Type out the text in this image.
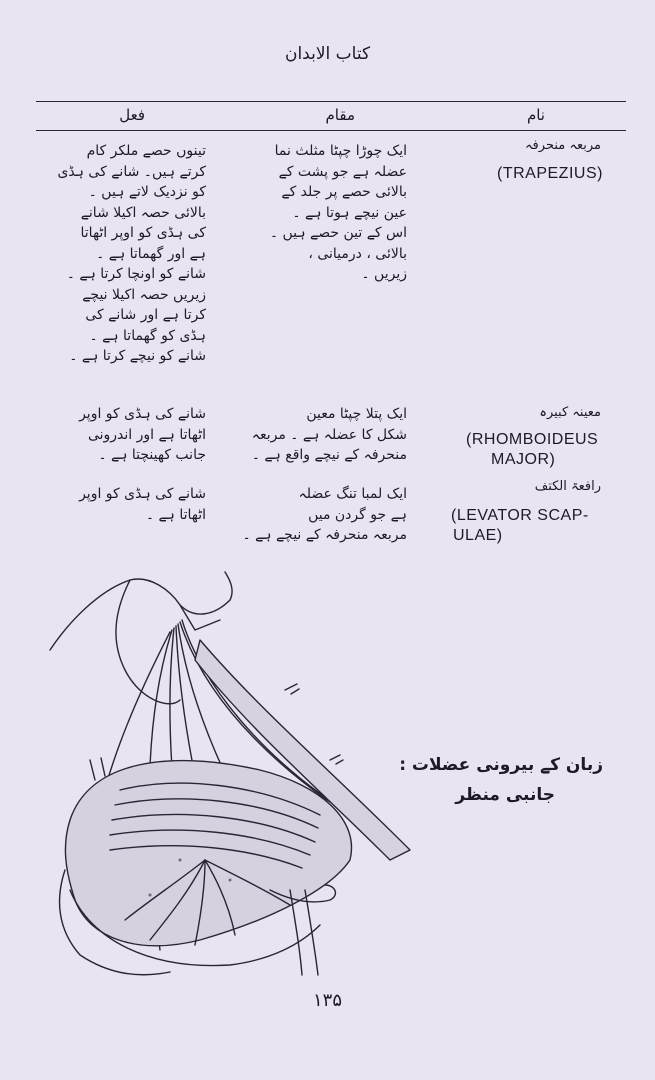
کتاب الابدان
نام
مقام
فعل
مربعہ منحرفہ
(TRAPEZIUS)
ایک چوڑا چپٹا مثلث نما
عضلہ ہے جو پشت کے
بالائی حصے پر جلد کے
عین نیچے ہوتا ہے ۔
اس کے تین حصے ہیں ۔
بالائی ، درمیانی ،
زیریں ۔
تینوں حصے ملکر کام
کرتے ہیں۔ شانے کی ہڈی
کو نزدیک لاتے ہیں ۔
بالائی حصہ اکیلا شانے
کی ہڈی کو اوپر اٹھاتا
ہے اور گھماتا ہے ۔
شانے کو اونچا کرتا ہے ۔
زیریں حصہ اکیلا نیچے
کرتا ہے اور شانے کی
ہڈی کو گھماتا ہے ۔
شانے کو نیچے کرتا ہے ۔
معینہ کبیرہ
(RHOMBOIDEUS
MAJOR)
ایک پتلا چپٹا معین
شکل کا عضلہ ہے ۔ مربعہ
منحرفہ کے نیچے واقع ہے ۔
شانے کی ہڈی کو اوپر
اٹھاتا ہے اور اندرونی
جانب کھینچتا ہے ۔
رافعۃ الکتف
(LEVATOR SCAP-
ULAE)
ایک لمبا تنگ عضلہ
ہے جو گردن میں
مربعہ منحرفہ کے نیچے ہے ۔
شانے کی ہڈی کو اوپر
اٹھاتا ہے ۔
زبان کے بیرونی عضلات :
جانبی منظر
۱۳۵
